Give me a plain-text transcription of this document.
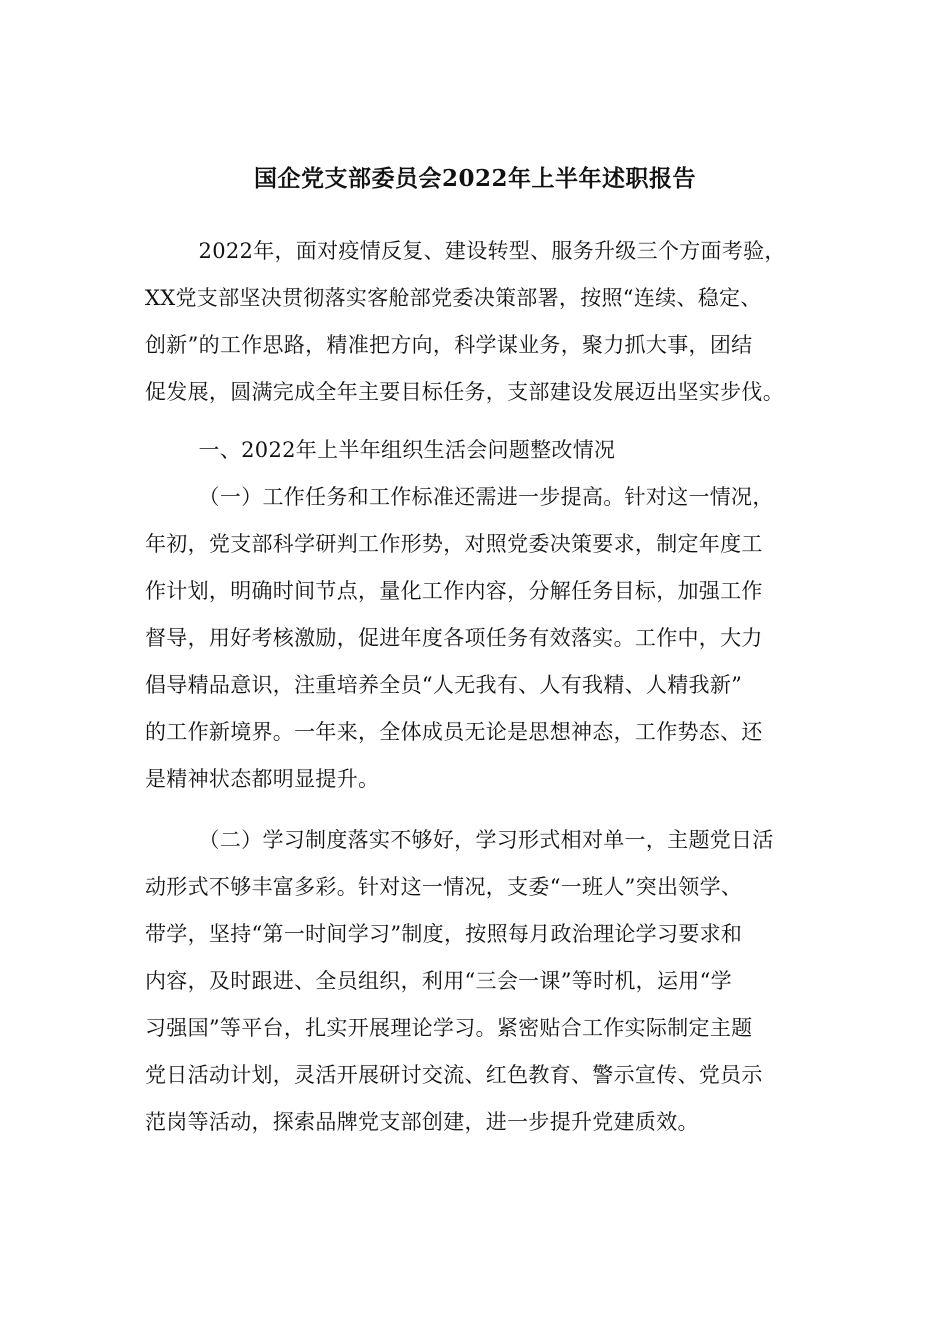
国企党支部委员会2022年上半年述职报告
2022年，面对疫情反复、建设转型、服务升级三个方面考验，
XX党支部坚决贯彻落实客舱部党委决策部署，按照“连续、稳定、
创新”的工作思路，精准把方向，科学谋业务，聚力抓大事，团结
促发展，圆满完成全年主要目标任务，支部建设发展迈出坚实步伐。
一、2022年上半年组织生活会问题整改情况
（一）工作任务和工作标准还需进一步提高。针对这一情况，
年初，党支部科学研判工作形势，对照党委决策要求，制定年度工
作计划，明确时间节点，量化工作内容，分解任务目标，加强工作
督导，用好考核激励，促进年度各项任务有效落实。工作中，大力
倡导精品意识，注重培养全员“人无我有、人有我精、人精我新”
的工作新境界。一年来，全体成员无论是思想神态，工作势态、还
是精神状态都明显提升。
（二）学习制度落实不够好，学习形式相对单一，主题党日活
动形式不够丰富多彩。针对这一情况，支委“一班人”突出领学、
带学，坚持“第一时间学习”制度，按照每月政治理论学习要求和
内容，及时跟进、全员组织，利用“三会一课”等时机，运用“学
习强国”等平台，扎实开展理论学习。紧密贴合工作实际制定主题
党日活动计划，灵活开展研讨交流、红色教育、警示宣传、党员示
范岗等活动，探索品牌党支部创建，进一步提升党建质效。
